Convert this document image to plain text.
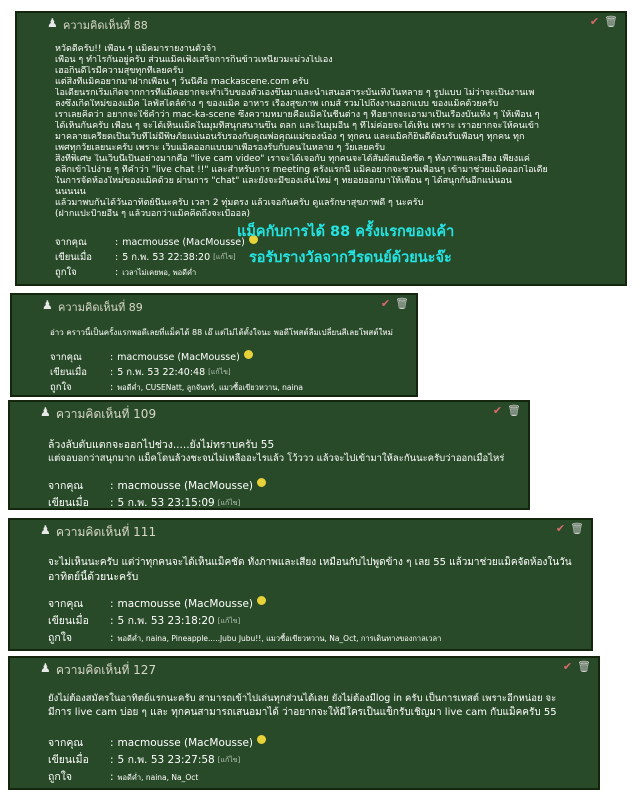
♟ ความคิดเห็นที่ 88	✔ 🗑
หวัดดีครับ!! เพื่อน ๆ แม็คมารายงานตัวจ้า
เพื่อน ๆ ทำไรกันอยู่ครับ ส่วนแม็คเพิ่งเสร็จการกินข้าวเหนียวมะม่วงไปเอง
เฮอกินดีไรมีความสุขทุกที่เลยครับ
แต่สิ่งที่แม็คอยากมาฝากเพื่อน ๆ วันนี้คือ mackascene.com ครับ
ไอเดียนรกเริ่มเกิดจากการที่แม็คอยากจะทำเว็บของตัวเองขึ้นมาและนำเสนอสาระบันเทิงในหลาย ๆ รูปแบบ ไม่ว่าจะเป็นงานเพ
ลงซึ่งเกิดใหม่ของแม็ค ไลฟ์สไตล์ต่าง ๆ ของแม็ค อาหาร เรื่องสุขภาพ เกมส์ รวมไปถึงงานออกแบบ ของแม็คด้วยครับ
เราเลยคิดว่า อยากจะใช้คำว่า mac-ka-scene ซึ่งความหมายคือแม็คในชีนต่าง ๆ ที่อยากจะเอามาเป็นเรื่องบันเทิง ๆ ให้เพื่อน ๆ
ได้เห็นกันครับ เพื่อน ๆ จะได้เห็นแม็คในมุมที่สนุกสนานขึ้น ตลก และในมุมอื่น ๆ ที่ไม่ค่อยจะได้เห็น เพราะ เราอยากจะให้คนเข้า
มาคลายเครียดเป็นเว็บที่ไม่มีพิษภัยแน่นอนรับรองกับคุณพ่อคุณแม่ของน้อง ๆ ทุกคน และแม็คก็ยินดีต้อนรับเพื่อนๆ ทุกคน ทุก
เพศทุกวัยเลยนะครับ เพราะ เว็บแม็คออกแบบมาเพื่อรองรับกับคนในหลาย ๆ วัยเลยครับ
สิ่งที่พิเศษ ในเว็บนี้เป็นอย่างมากคือ "live cam video" เราจะได้เจอกับ ทุกคนจะได้สัมผัสแม็คชัด ๆ ทั้งภาพและเสียง เพียงแค่
คลิกเข้าไปง่าย ๆ ที่คำว่า "live chat !!" และสำหรับการ meeting ครั้งแรกนี้ แม็คอยากจะชวนเพื่อนๆ เข้ามาช่วยแม็คออกไอเดีย
ในการจัดห้องใหม่ของแม็คด้วย ผ่านการ "chat" และยังจะมีของเล่นใหม่ ๆ ทยอยออกมาให้เพื่อน ๆ ได้สนุกกันอีกแน่นอน
นนนนน
แล้วมาพบกันได้วันอาทิตย์นี้นะครับ เวลา 2 ทุ่มตรง แล้วเจอกันครับ ดูแลรักษาสุขภาพดี ๆ นะครับ
(ฝากแปะป้ายอื่น ๆ แล้วบอกว่าแม็คคิดถึงจะเบื่ออล)
จากคุณ	: macmousse (MacMousse)
เขียนเมื่อ	: 5 ก.พ. 53 22:38:20 [แก้ไข]
ถูกใจ	: เวลาไม่เคยพอ, พอดีค่ำ
แม็คกับการได้ 88 ครั้งแรกของเค้า
รอรับรางวัลจากวีรดนย์ด้วยนะจ๊ะ
♟ ความคิดเห็นที่ 89	✔ 🗑
อ่าว คราวนี้เป็นครั้งแรกพอดีเลยที่แม็คได้ 88 เอ๊ แต่ไม่ได้ตั้งใจนะ พอดีโพสต์ลืมเปลี่ยนสีเลยโพสต์ใหม่
จากคุณ	: macmousse (MacMousse)
เขียนเมื่อ	: 5 ก.พ. 53 22:40:48 [แก้ไข]
ถูกใจ	: พอดีค่ำ, CUSENatt, ลูกจันทร์, แมวซื้อเขียวหวาน, naina
♟ ความคิดเห็นที่ 109	✔ 🗑
ล้วงลับตับแตกจะออกไปช่วง.....ยังไม่ทราบครับ 55
แต่จอบอกว่าสนุกมาก แม็คโดนล้วงชะจนไม่เหลืออะไรแล้ว โว้ววว แล้วจะไปเข้ามาให้ละกันนะครับว่าออกเมื่อไหร่
จากคุณ	: macmousse (MacMousse)
เขียนเมื่อ	: 5 ก.พ. 53 23:15:09 [แก้ไข]
♟ ความคิดเห็นที่ 111	✔ 🗑
จะไม่เห็นนะครับ แต่ว่าทุกคนจะได้เห็นแม็คชัด ทั้งภาพและเสียง เหมือนกับไปพูดข้าง ๆ เลย 55 แล้วมาช่วยแม็คจัดห้องในวัน
อาทิตย์นี้ด้วยนะครับ
จากคุณ	: macmousse (MacMousse)
เขียนเมื่อ	: 5 ก.พ. 53 23:18:20 [แก้ไข]
ถูกใจ	: พอดีค่ำ, naina, Pineapple.....Jubu Jubu!!, แมวซื้อเขียวหวาน, Na_Oct, การเดินทางของกาลเวลา
♟ ความคิดเห็นที่ 127	✔ 🗑
ยังไม่ต้องสมัครในอาทิตย์แรกนะครับ สามารถเข้าไปเล่นทุกส่วนได้เลย ยังไม่ต้องมีlog in ครับ เป็นการเทสต์ เพราะอีกหน่อย จะ
มีการ live cam บ่อย ๆ และ ทุกคนสามารถเสนอมาได้ ว่าอยากจะให้มีใครเป็นแข็กรับเชิญมา live cam กับแม็คครับ 55
จากคุณ	: macmousse (MacMousse)
เขียนเมื่อ	: 5 ก.พ. 53 23:27:58 [แก้ไข]
ถูกใจ	: พอดีค่ำ, naina, Na_Oct
